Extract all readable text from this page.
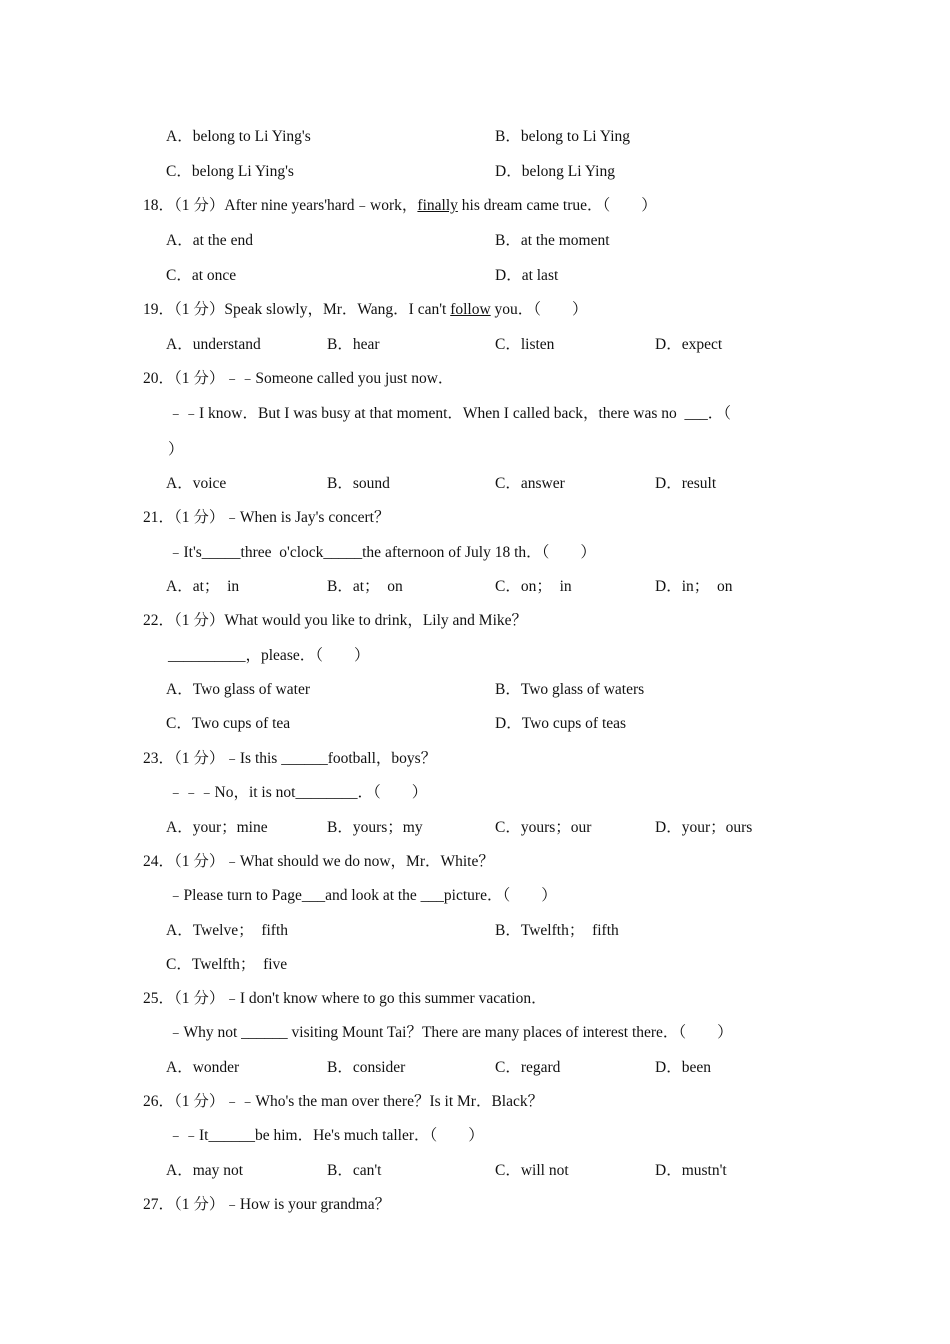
A．belong to Li Ying's	B．belong to Li Ying
C．belong Li Ying's	D．belong Li Ying
18．（1 分）After nine years'hard﹣work，finally his dream came true．（　　）
A．at the end	B．at the moment
C．at once	D．at last
19．（1 分）Speak slowly，Mr．Wang．I can't follow you．（　　）
A．understand	B．hear	C．listen	D．expect
20．（1 分）﹣﹣Someone called you just now．
﹣﹣I know．But I was busy at that moment．When I called back，there was no  ___．（
）
A．voice	B．sound	C．answer	D．result
21．（1 分）﹣When is Jay's concert？
﹣It's_____three  o'clock_____the afternoon of July 18 th．（　　）
A．at；  in	B．at；  on	C．on；  in	D．in；  on
22．（1 分）What would you like to drink，Lily and Mike？
__________，please．（　　）
A．Two glass of water	B．Two glass of waters
C．Two cups of tea	D．Two cups of teas
23．（1 分）﹣Is this ______football，boys？
﹣﹣﹣No，it is not________．（　　）
A．your；mine	B．yours；my	C．yours；our	D．your；ours
24．（1 分）﹣What should we do now，Mr．White？
﹣Please turn to Page___and look at the ___picture．（　　）
A．Twelve；  fifth	B．Twelfth；  fifth
C．Twelfth；  five
25．（1 分）﹣I don't know where to go this summer vacation．
﹣Why not ______ visiting Mount Tai？There are many places of interest there．（　　）
A．wonder	B．consider	C．regard	D．been
26．（1 分）﹣﹣Who's the man over there？Is it Mr．Black？
﹣﹣It______be him．He's much taller．（　　）
A．may not	B．can't	C．will not	D．mustn't
27．（1 分）﹣How is your grandma？
